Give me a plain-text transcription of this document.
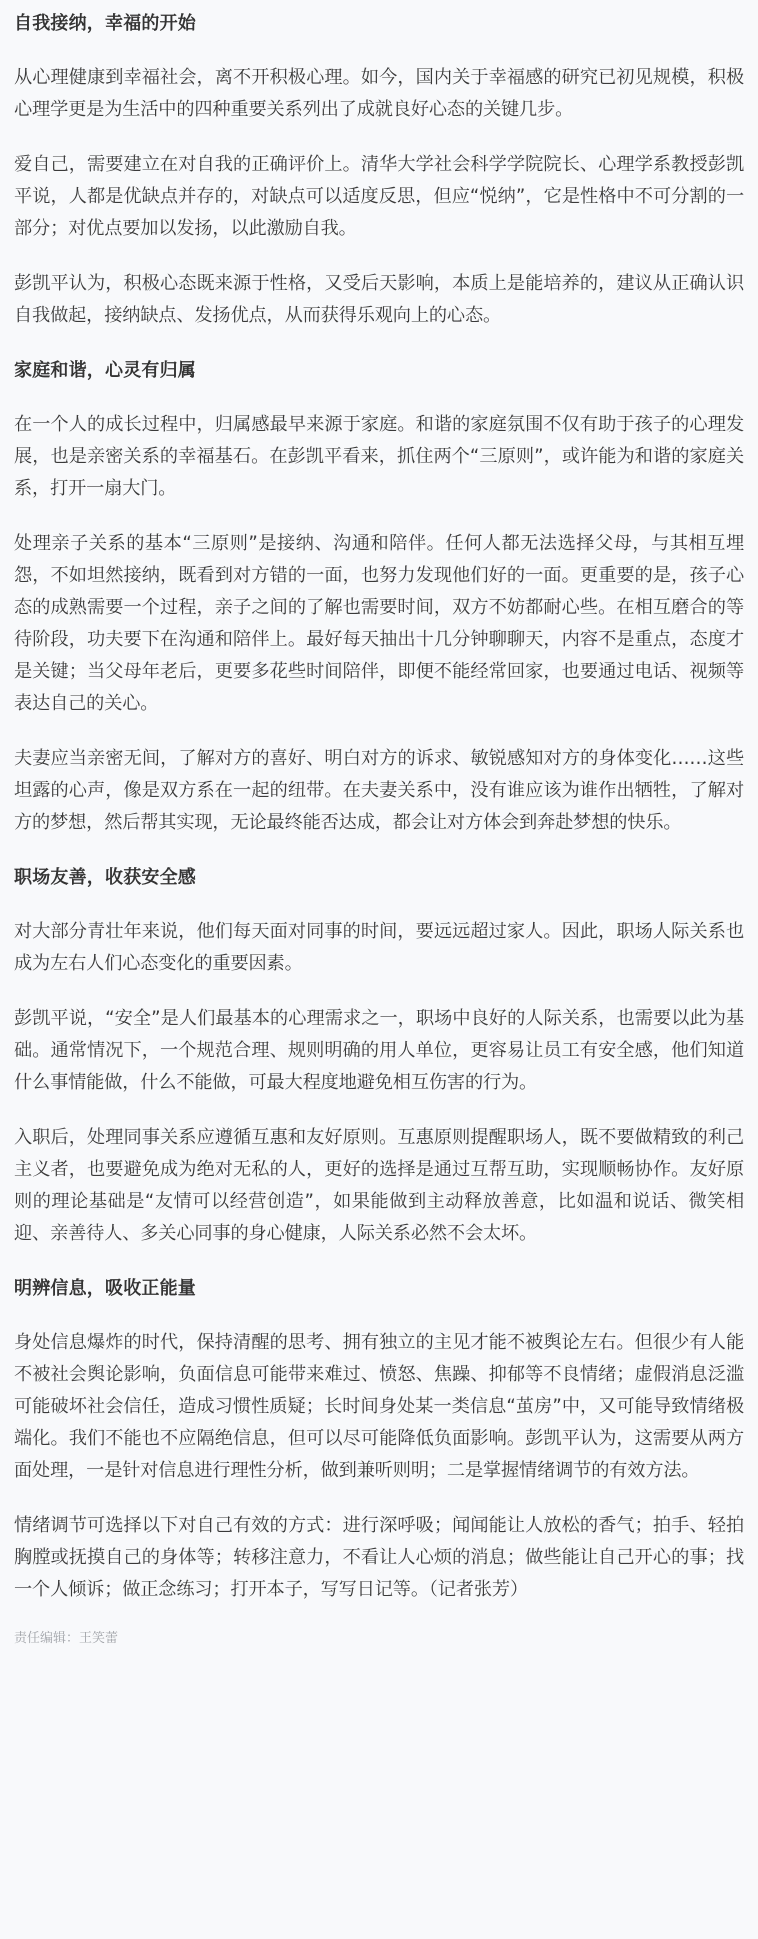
自我接纳，幸福的开始

从心理健康到幸福社会，离不开积极心理。如今，国内关于幸福感的研究已初见规模，积极心理学更是为生活中的四种重要关系列出了成就良好心态的关键几步。

爱自己，需要建立在对自我的正确评价上。清华大学社会科学学院院长、心理学系教授彭凯平说，人都是优缺点并存的，对缺点可以适度反思，但应“悦纳”，它是性格中不可分割的一部分；对优点要加以发扬，以此激励自我。

彭凯平认为，积极心态既来源于性格，又受后天影响，本质上是能培养的，建议从正确认识自我做起，接纳缺点、发扬优点，从而获得乐观向上的心态。

家庭和谐，心灵有归属

在一个人的成长过程中，归属感最早来源于家庭。和谐的家庭氛围不仅有助于孩子的心理发展，也是亲密关系的幸福基石。在彭凯平看来，抓住两个“三原则”，或许能为和谐的家庭关系，打开一扇大门。

处理亲子关系的基本“三原则”是接纳、沟通和陪伴。任何人都无法选择父母，与其相互埋怨，不如坦然接纳，既看到对方错的一面，也努力发现他们好的一面。更重要的是，孩子心态的成熟需要一个过程，亲子之间的了解也需要时间，双方不妨都耐心些。在相互磨合的等待阶段，功夫要下在沟通和陪伴上。最好每天抽出十几分钟聊聊天，内容不是重点，态度才是关键；当父母年老后，更要多花些时间陪伴，即便不能经常回家，也要通过电话、视频等表达自己的关心。

夫妻应当亲密无间，了解对方的喜好、明白对方的诉求、敏锐感知对方的身体变化……这些坦露的心声，像是双方系在一起的纽带。在夫妻关系中，没有谁应该为谁作出牺牲，了解对方的梦想，然后帮其实现，无论最终能否达成，都会让对方体会到奔赴梦想的快乐。

职场友善，收获安全感

对大部分青壮年来说，他们每天面对同事的时间，要远远超过家人。因此，职场人际关系也成为左右人们心态变化的重要因素。

彭凯平说，“安全”是人们最基本的心理需求之一，职场中良好的人际关系，也需要以此为基础。通常情况下，一个规范合理、规则明确的用人单位，更容易让员工有安全感，他们知道什么事情能做，什么不能做，可最大程度地避免相互伤害的行为。

入职后，处理同事关系应遵循互惠和友好原则。互惠原则提醒职场人，既不要做精致的利己主义者，也要避免成为绝对无私的人，更好的选择是通过互帮互助，实现顺畅协作。友好原则的理论基础是“友情可以经营创造”，如果能做到主动释放善意，比如温和说话、微笑相迎、亲善待人、多关心同事的身心健康，人际关系必然不会太坏。

明辨信息，吸收正能量

身处信息爆炸的时代，保持清醒的思考、拥有独立的主见才能不被舆论左右。但很少有人能不被社会舆论影响，负面信息可能带来难过、愤怒、焦躁、抑郁等不良情绪；虚假消息泛滥可能破坏社会信任，造成习惯性质疑；长时间身处某一类信息“茧房”中，又可能导致情绪极端化。我们不能也不应隔绝信息，但可以尽可能降低负面影响。彭凯平认为，这需要从两方面处理，一是针对信息进行理性分析，做到兼听则明；二是掌握情绪调节的有效方法。

情绪调节可选择以下对自己有效的方式：进行深呼吸；闻闻能让人放松的香气；拍手、轻拍胸膛或抚摸自己的身体等；转移注意力，不看让人心烦的消息；做些能让自己开心的事；找一个人倾诉；做正念练习；打开本子，写写日记等。（记者张芳）

责任编辑：王笑蕾
